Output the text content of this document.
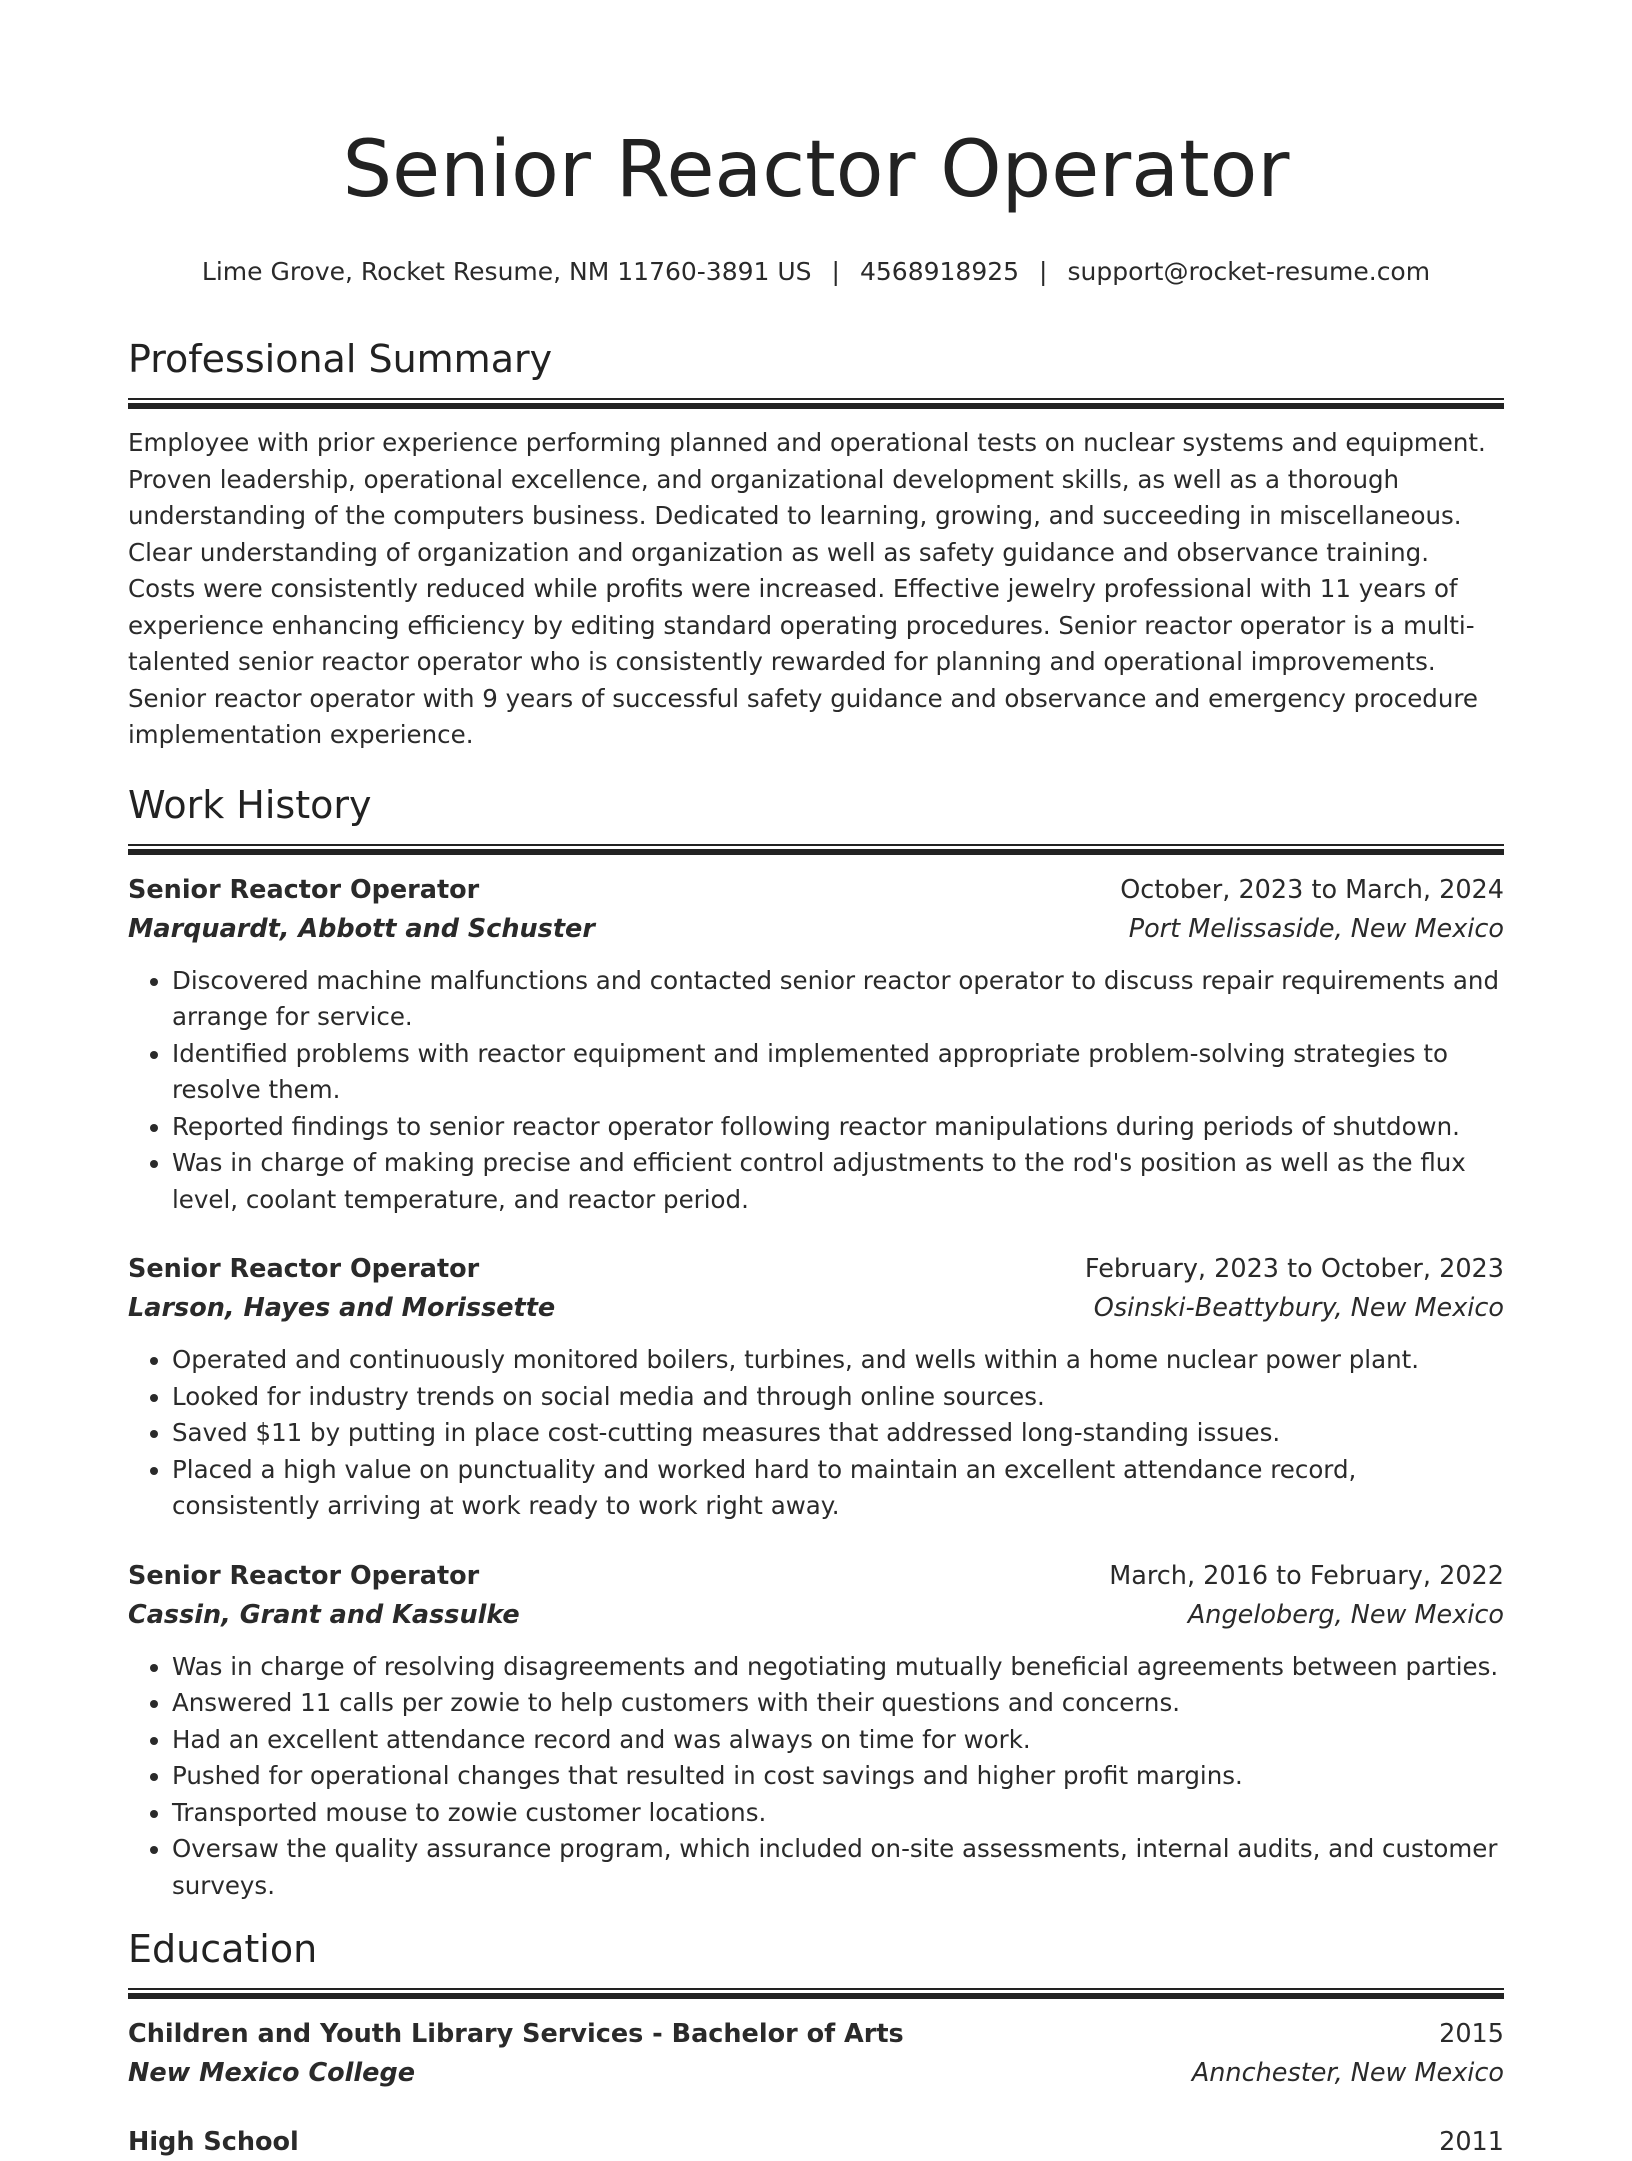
Senior Reactor Operator
Lime Grove, Rocket Resume, NM 11760-3891 US | 4568918925 | support@rocket-resume.com
Professional Summary

Employee with prior experience performing planned and operational tests on nuclear systems and equipment. Proven leadership, operational excellence, and organizational development skills, as well as a thorough understanding of the computers business. Dedicated to learning, growing, and succeeding in miscellaneous. Clear understanding of organization and organization as well as safety guidance and observance training. Costs were consistently reduced while profits were increased. Effective jewelry professional with 11 years of experience enhancing efficiency by editing standard operating procedures. Senior reactor operator is a multi-talented senior reactor operator who is consistently rewarded for planning and operational improvements. Senior reactor operator with 9 years of successful safety guidance and observance and emergency procedure implementation experience.

Work History
Senior Reactor Operator	October, 2023 to March, 2024
Marquardt, Abbott and Schuster	Port Melissaside, New Mexico
• Discovered machine malfunctions and contacted senior reactor operator to discuss repair requirements and arrange for service.
• Identified problems with reactor equipment and implemented appropriate problem-solving strategies to resolve them.
• Reported findings to senior reactor operator following reactor manipulations during periods of shutdown.
• Was in charge of making precise and efficient control adjustments to the rod's position as well as the flux level, coolant temperature, and reactor period.
Senior Reactor Operator	February, 2023 to October, 2023
Larson, Hayes and Morissette	Osinski-Beattybury, New Mexico
• Operated and continuously monitored boilers, turbines, and wells within a home nuclear power plant.
• Looked for industry trends on social media and through online sources.
• Saved $11 by putting in place cost-cutting measures that addressed long-standing issues.
• Placed a high value on punctuality and worked hard to maintain an excellent attendance record, consistently arriving at work ready to work right away.
Senior Reactor Operator	March, 2016 to February, 2022
Cassin, Grant and Kassulke	Angeloberg, New Mexico
• Was in charge of resolving disagreements and negotiating mutually beneficial agreements between parties.
• Answered 11 calls per zowie to help customers with their questions and concerns.
• Had an excellent attendance record and was always on time for work.
• Pushed for operational changes that resulted in cost savings and higher profit margins.
• Transported mouse to zowie customer locations.
• Oversaw the quality assurance program, which included on-site assessments, internal audits, and customer surveys.
Education
Children and Youth Library Services - Bachelor of Arts	2015
New Mexico College	Annchester, New Mexico
High School	2011
